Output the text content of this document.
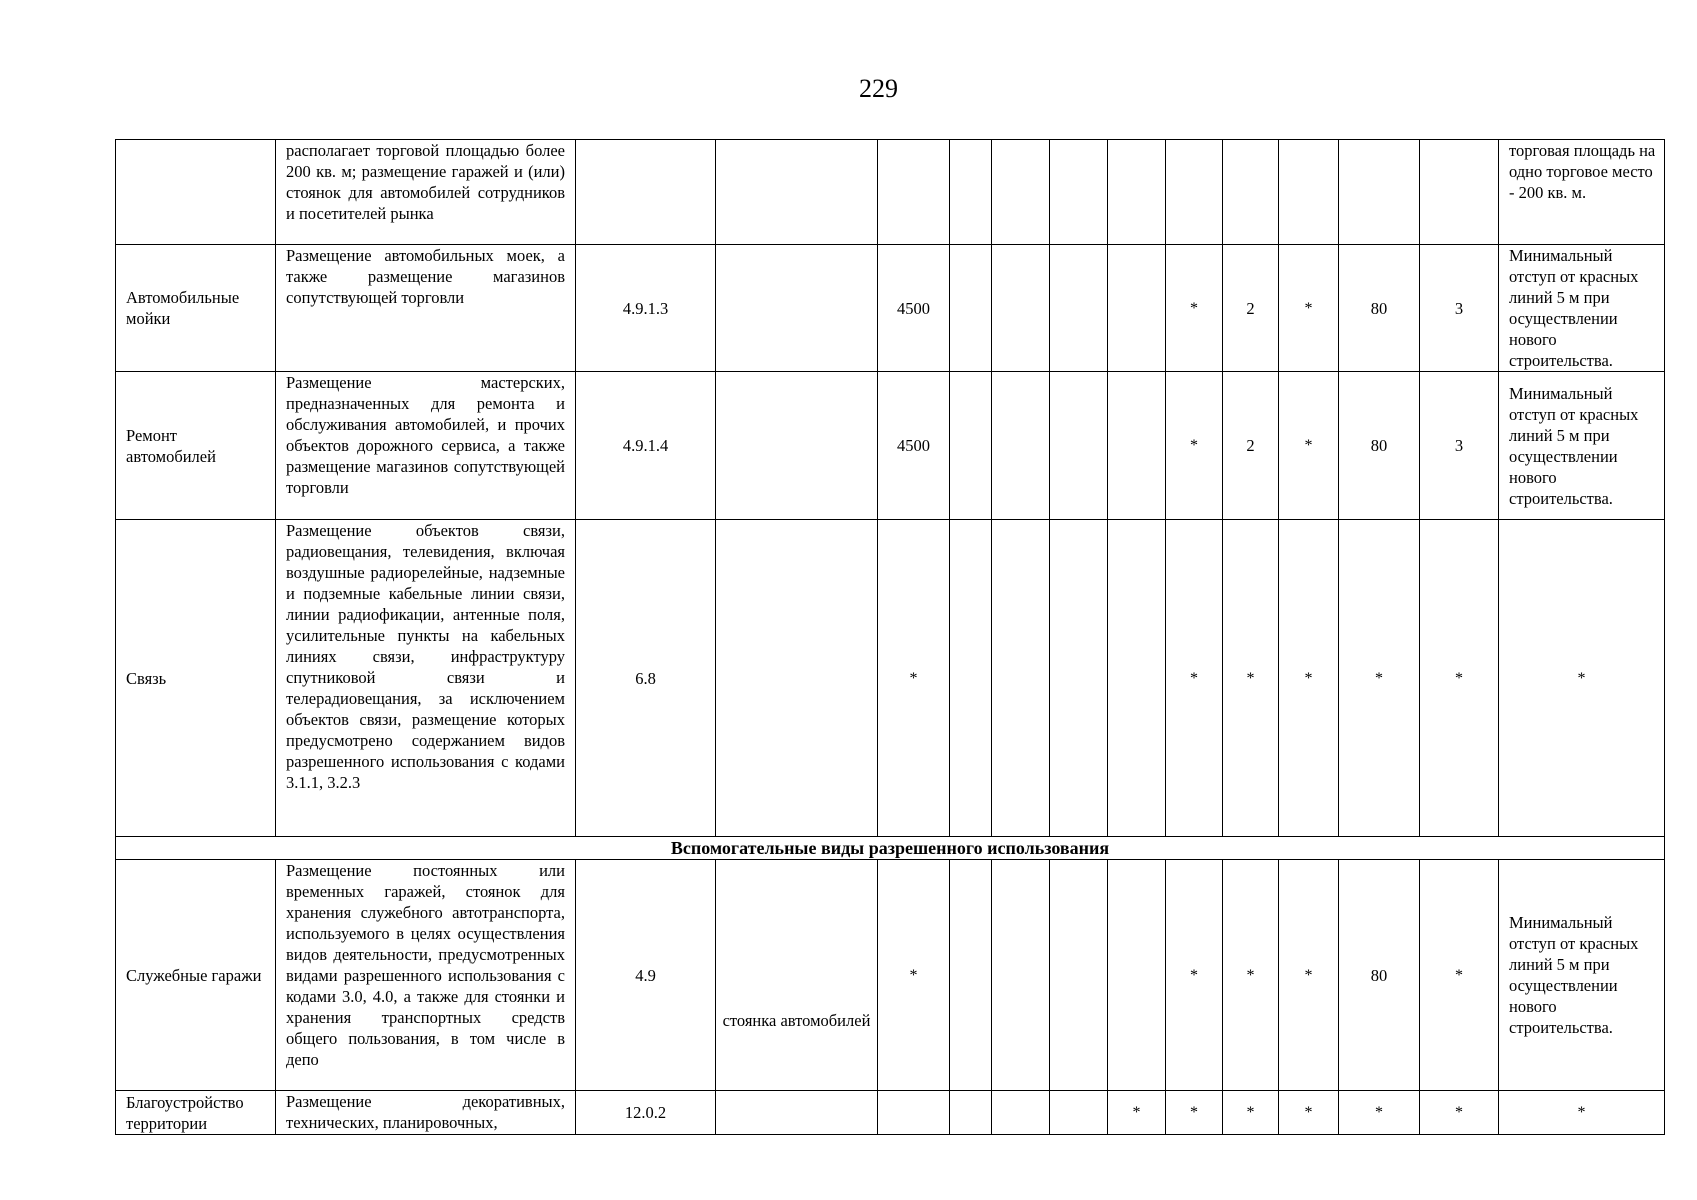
229
	располагает торговой площадью более 200 кв. м; размещение гаражей и (или) стоянок для автомобилей сотрудников и посетителей рынка													торговая площадь на одно торговое место - 200 кв. м.
Автомобильные мойки	Размещение автомобильных моек, а также размещение магазинов сопутствующей торговли	4.9.1.3		4500					*	2	*	80	3	Минимальный отступ от красных линий 5 м при осуществлении нового строительства.
Ремонт автомобилей	Размещение мастерских, предназначенных для ремонта и обслуживания автомобилей, и прочих объектов дорожного сервиса, а также размещение магазинов сопутствующей торговли	4.9.1.4		4500					*	2	*	80	3	Минимальный отступ от красных линий 5 м при осуществлении нового строительства.
Связь	Размещение объектов связи, радиовещания, телевидения, включая воздушные радиорелейные, надземные и подземные кабельные линии связи, линии радиофикации, антенные поля, усилительные пункты на кабельных линиях связи, инфраструктуру спутниковой связи и телерадиовещания, за исключением объектов связи, размещение которых предусмотрено содержанием видов разрешенного использования с кодами 3.1.1, 3.2.3	6.8		*					*	*	*	*	*	*
Вспомогательные виды разрешенного использования														
Служебные гаражи	Размещение постоянных или временных гаражей, стоянок для хранения служебного автотранспорта, используемого в целях осуществления видов деятельности, предусмотренных видами разрешенного использования с кодами 3.0, 4.0, а также для стоянки и хранения транспортных средств общего пользования, в том числе в депо	4.9	стоянка автомобилей	*					*	*	*	80	*	Минимальный отступ от красных линий 5 м при осуществлении нового строительства.
Благоустройство территории	Размещение декоративных, технических, планировочных,	12.0.2						*	*	*	*	*	*	*
